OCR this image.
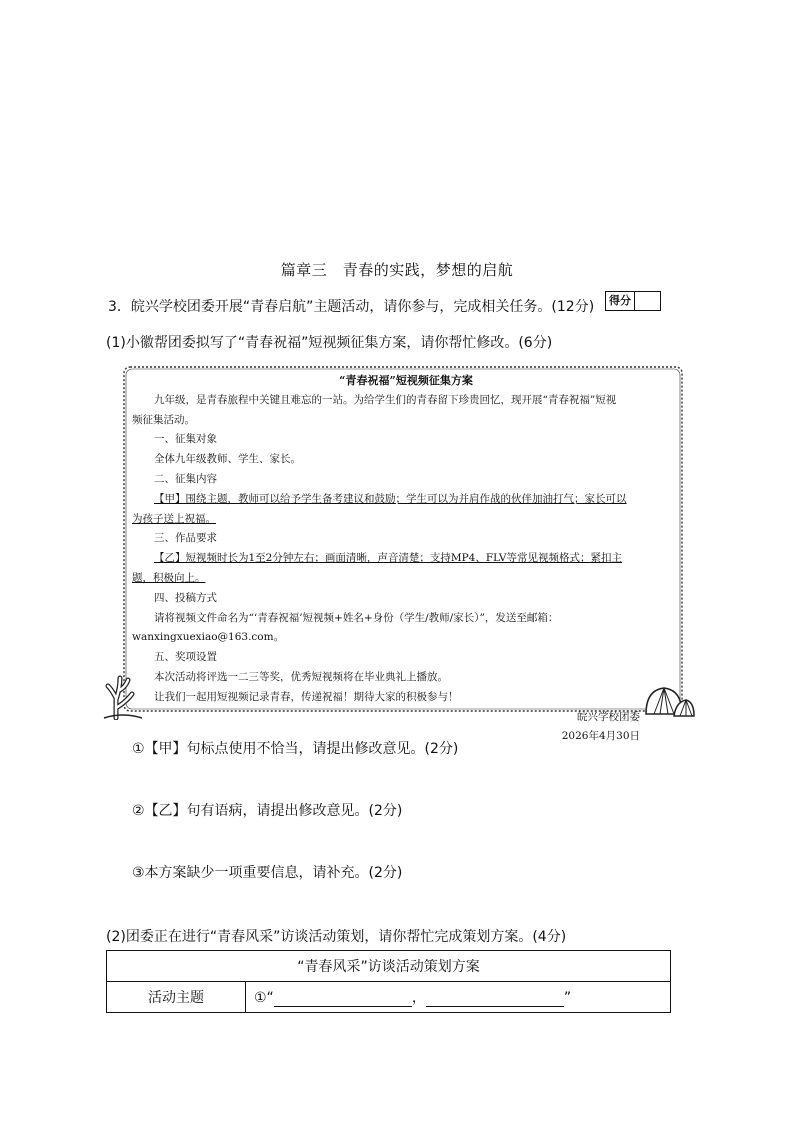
篇章三　青春的实践，梦想的启航
3．皖兴学校团委开展“青春启航”主题活动，请你参与，完成相关任务。(12分) 得分
(1)小徽帮团委拟写了“青春祝福”短视频征集方案，请你帮忙修改。(6分)
“青春祝福”短视频征集方案
九年级，是青春旅程中关键且难忘的一站。为给学生们的青春留下珍贵回忆，现开展“青春祝福”短视
频征集活动。
一、征集对象
全体九年级教师、学生、家长。
二、征集内容
【甲】围绕主题，教师可以给予学生备考建议和鼓励；学生可以为并肩作战的伙伴加油打气；家长可以
为孩子送上祝福。
三、作品要求
【乙】短视频时长为1至2分钟左右；画面清晰，声音清楚；支持MP4、FLV等常见视频格式；紧扣主
题，积极向上。
四、投稿方式
请将视频文件命名为“‘青春祝福’短视频+姓名+身份（学生/教师/家长）”，发送至邮箱：
wanxingxuexiao@163.com。
五、奖项设置
本次活动将评选一二三等奖，优秀短视频将在毕业典礼上播放。
让我们一起用短视频记录青春，传递祝福！期待大家的积极参与！
皖兴学校团委
2026年4月30日
①【甲】句标点使用不恰当，请提出修改意见。(2分)
②【乙】句有语病，请提出修改意见。(2分)
③本方案缺少一项重要信息，请补充。(2分)
(2)团委正在进行“青春风采”访谈活动策划，请你帮忙完成策划方案。(4分)
“青春风采”访谈活动策划方案
活动主题	①“	，	”
